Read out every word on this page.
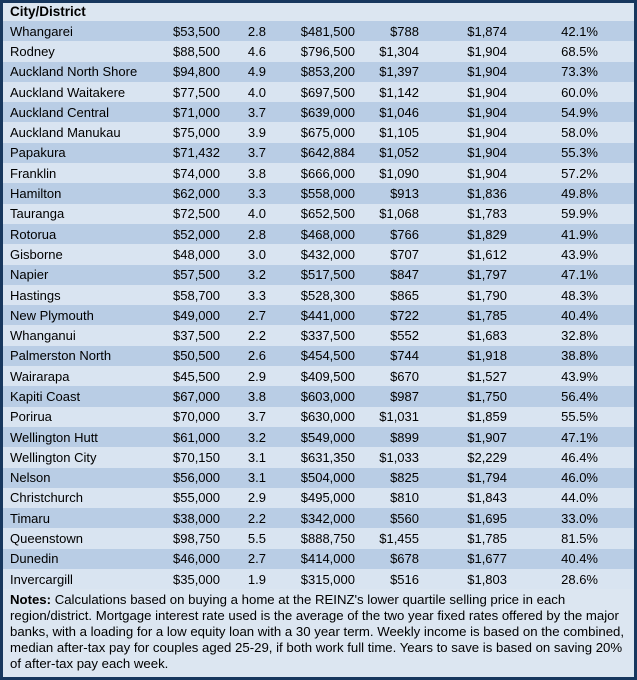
City/District							
Whangarei	$53,500	2.8	$481,500	$788	$1,874	42.1%	
Rodney	$88,500	4.6	$796,500	$1,304	$1,904	68.5%	
Auckland North Shore	$94,800	4.9	$853,200	$1,397	$1,904	73.3%	
Auckland Waitakere	$77,500	4.0	$697,500	$1,142	$1,904	60.0%	
Auckland Central	$71,000	3.7	$639,000	$1,046	$1,904	54.9%	
Auckland Manukau	$75,000	3.9	$675,000	$1,105	$1,904	58.0%	
Papakura	$71,432	3.7	$642,884	$1,052	$1,904	55.3%	
Franklin	$74,000	3.8	$666,000	$1,090	$1,904	57.2%	
Hamilton	$62,000	3.3	$558,000	$913	$1,836	49.8%	
Tauranga	$72,500	4.0	$652,500	$1,068	$1,783	59.9%	
Rotorua	$52,000	2.8	$468,000	$766	$1,829	41.9%	
Gisborne	$48,000	3.0	$432,000	$707	$1,612	43.9%	
Napier	$57,500	3.2	$517,500	$847	$1,797	47.1%	
Hastings	$58,700	3.3	$528,300	$865	$1,790	48.3%	
New Plymouth	$49,000	2.7	$441,000	$722	$1,785	40.4%	
Whanganui	$37,500	2.2	$337,500	$552	$1,683	32.8%	
Palmerston North	$50,500	2.6	$454,500	$744	$1,918	38.8%	
Wairarapa	$45,500	2.9	$409,500	$670	$1,527	43.9%	
Kapiti Coast	$67,000	3.8	$603,000	$987	$1,750	56.4%	
Porirua	$70,000	3.7	$630,000	$1,031	$1,859	55.5%	
Wellington Hutt	$61,000	3.2	$549,000	$899	$1,907	47.1%	
Wellington City	$70,150	3.1	$631,350	$1,033	$2,229	46.4%	
Nelson	$56,000	3.1	$504,000	$825	$1,794	46.0%	
Christchurch	$55,000	2.9	$495,000	$810	$1,843	44.0%	
Timaru	$38,000	2.2	$342,000	$560	$1,695	33.0%	
Queenstown	$98,750	5.5	$888,750	$1,455	$1,785	81.5%	
Dunedin	$46,000	2.7	$414,000	$678	$1,677	40.4%	
Invercargill	$35,000	1.9	$315,000	$516	$1,803	28.6%	
Notes: Calculations based on buying a home at the REINZ's lower quartile selling price in each region/district. Mortgage interest rate used is the average of the two year fixed rates offered by the major banks, with a loading for a low equity loan with a 30 year term. Weekly income is based on the combined, median after-tax pay for couples aged 25-29, if both work full time. Years to save is based on saving 20% of after-tax pay each week.
